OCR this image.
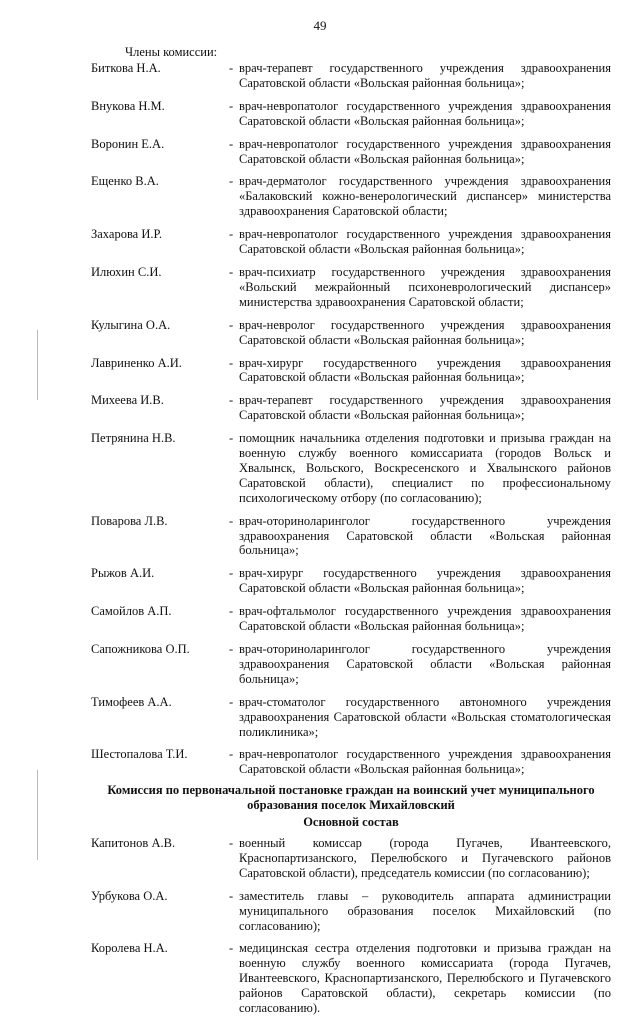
49
Члены комиссии:
Биткова Н.А.	- врач-терапевт государственного учреждения здравоохранения Саратовской области «Вольская районная больница»;
Внукова Н.М.	- врач-невропатолог государственного учреждения здравоохранения Саратовской области «Вольская районная больница»;
Воронин Е.А.	- врач-невропатолог государственного учреждения здравоохранения Саратовской области «Вольская районная больница»;
Ещенко В.А.	- врач-дерматолог государственного учреждения здравоохранения «Балаковский кожно-венерологический диспансер» министерства здравоохранения Саратовской области;
Захарова И.Р.	- врач-невропатолог государственного учреждения здравоохранения Саратовской области «Вольская районная больница»;
Илюхин С.И.	- врач-психиатр государственного учреждения здравоохранения «Вольский межрайонный психоневрологический диспансер» министерства здравоохранения Саратовской области;
Кулыгина О.А.	- врач-невролог государственного учреждения здравоохранения Саратовской области «Вольская районная больница»;
Лавриненко А.И.	- врач-хирург государственного учреждения здравоохранения Саратовской области «Вольская районная больница»;
Михеева И.В.	- врач-терапевт государственного учреждения здравоохранения Саратовской области «Вольская районная больница»;
Петрянина Н.В.	- помощник начальника отделения подготовки и призыва граждан на военную службу военного комиссариата (городов Вольск и Хвалынск, Вольского, Воскресенского и Хвалынского районов Саратовской области), специалист по профессиональному психологическому отбору (по согласованию);
Поварова Л.В.	- врач-оториноларинголог государственного учреждения здравоохранения Саратовской области «Вольская районная больница»;
Рыжов А.И.	- врач-хирург государственного учреждения здравоохранения Саратовской области «Вольская районная больница»;
Самойлов А.П.	- врач-офтальмолог государственного учреждения здравоохранения Саратовской области «Вольская районная больница»;
Сапожникова О.П.	- врач-оториноларинголог государственного учреждения здравоохранения Саратовской области «Вольская районная больница»;
Тимофеев А.А.	- врач-стоматолог государственного автономного учреждения здравоохранения Саратовской области «Вольская стоматологическая поликлиника»;
Шестопалова Т.И.	- врач-невропатолог государственного учреждения здравоохранения Саратовской области «Вольская районная больница»;
Комиссия по первоначальной постановке граждан на воинский учет муниципального образования поселок Михайловский
Основной состав
Капитонов А.В.	- военный комиссар (города Пугачев, Ивантеевского, Краснопартизанского, Перелюбского и Пугачевского районов Саратовской области), председатель комиссии (по согласованию);
Урбукова О.А.	- заместитель главы – руководитель аппарата администрации муниципального образования поселок Михайловский (по согласованию);
Королева Н.А.	- медицинская сестра отделения подготовки и призыва граждан на военную службу военного комиссариата (города Пугачев, Ивантеевского, Краснопартизанского, Перелюбского и Пугачевского районов Саратовской области), секретарь комиссии (по согласованию).
